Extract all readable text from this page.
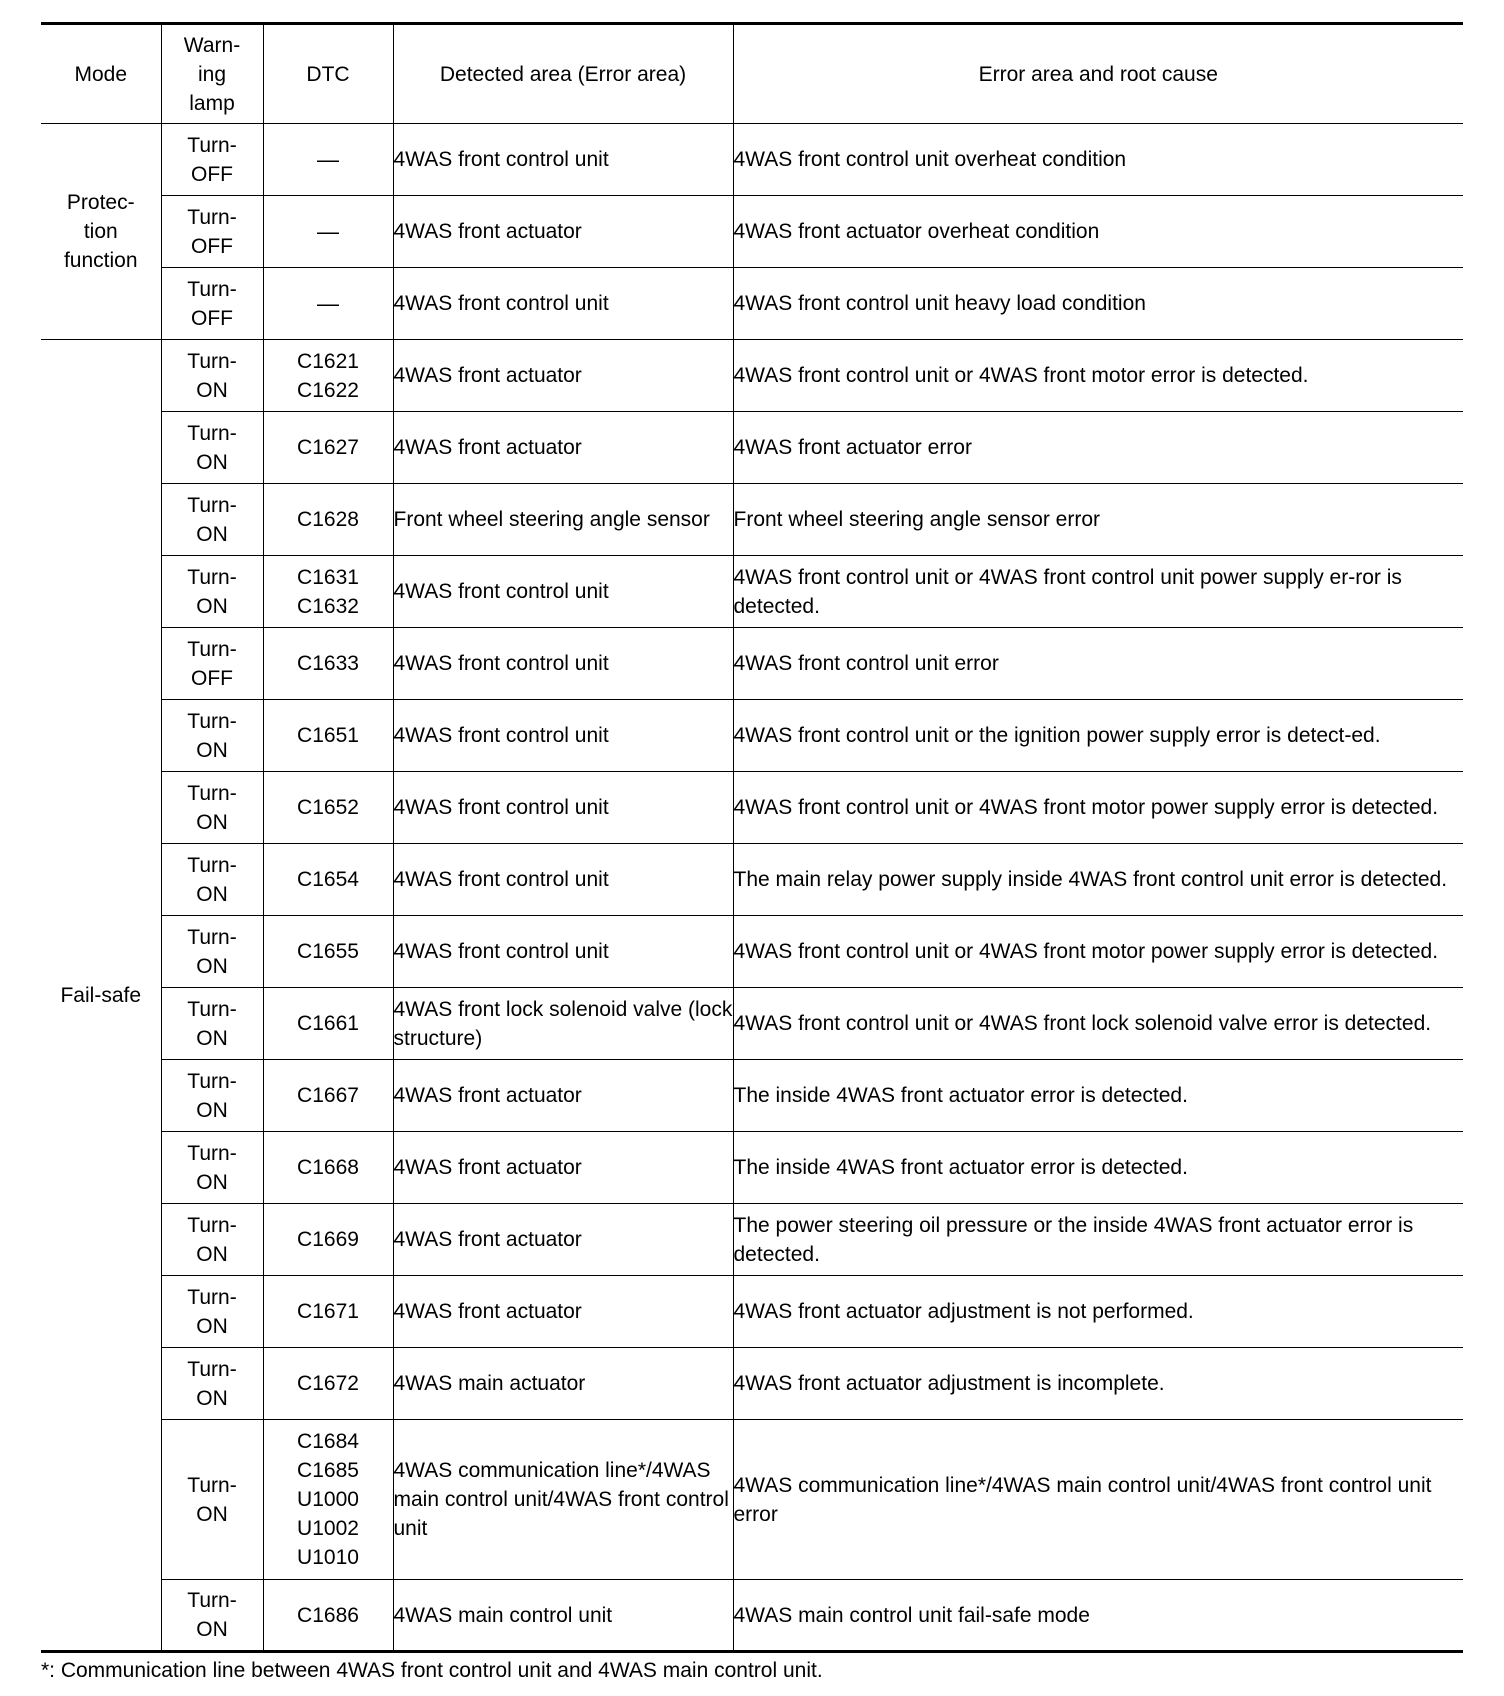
Mode	Warn-
ing
lamp	DTC	Detected area (Error area)	Error area and root cause
Protec-
tion
function	Turn-
OFF	—	4WAS front control unit	4WAS front control unit overheat condition
	Turn-
OFF	—	4WAS front actuator	4WAS front actuator overheat condition
	Turn-
OFF	—	4WAS front control unit	4WAS front control unit heavy load condition
Fail-safe	Turn-
ON	C1621
C1622	4WAS front actuator	4WAS front control unit or 4WAS front motor error is detected.
	Turn-
ON	C1627	4WAS front actuator	4WAS front actuator error
	Turn-
ON	C1628	Front wheel steering angle sensor	Front wheel steering angle sensor error
	Turn-
ON	C1631
C1632	4WAS front control unit	4WAS front control unit or 4WAS front control unit power supply er-ror is detected.
	Turn-
OFF	C1633	4WAS front control unit	4WAS front control unit error
	Turn-
ON	C1651	4WAS front control unit	4WAS front control unit or the ignition power supply error is detect-ed.
	Turn-
ON	C1652	4WAS front control unit	4WAS front control unit or 4WAS front motor power supply error is detected.
	Turn-
ON	C1654	4WAS front control unit	The main relay power supply inside 4WAS front control unit error is detected.
	Turn-
ON	C1655	4WAS front control unit	4WAS front control unit or 4WAS front motor power supply error is detected.
	Turn-
ON	C1661	4WAS front lock solenoid valve (lock structure)	4WAS front control unit or 4WAS front lock solenoid valve error is detected.
	Turn-
ON	C1667	4WAS front actuator	The inside 4WAS front actuator error is detected.
	Turn-
ON	C1668	4WAS front actuator	The inside 4WAS front actuator error is detected.
	Turn-
ON	C1669	4WAS front actuator	The power steering oil pressure or the inside 4WAS front actuator error is detected.
	Turn-
ON	C1671	4WAS front actuator	4WAS front actuator adjustment is not performed.
	Turn-
ON	C1672	4WAS main actuator	4WAS front actuator adjustment is incomplete.
	Turn-
ON	C1684
C1685
U1000
U1002
U1010	4WAS communication line*/4WAS main control unit/4WAS front control unit	4WAS communication line*/4WAS main control unit/4WAS front control unit error
	Turn-
ON	C1686	4WAS main control unit	4WAS main control unit fail-safe mode
*: Communication line between 4WAS front control unit and 4WAS main control unit.
